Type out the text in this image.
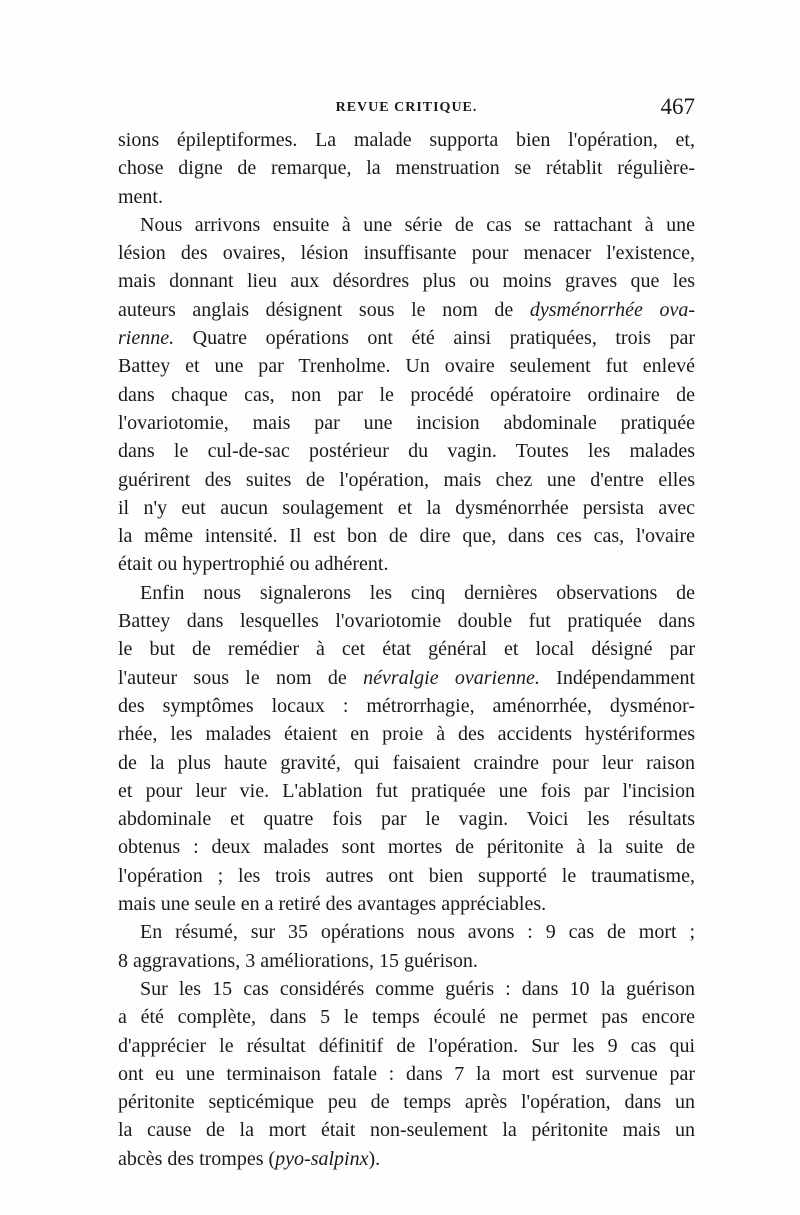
REVUE CRITIQUE.	467
sions épileptiformes. La malade supporta bien l'opération, et,
chose digne de remarque, la menstruation se rétablit régulière-
ment.
Nous arrivons ensuite à une série de cas se rattachant à une
lésion des ovaires, lésion insuffisante pour menacer l'existence,
mais donnant lieu aux désordres plus ou moins graves que les
auteurs anglais désignent sous le nom de dysménorrhée ova-
rienne. Quatre opérations ont été ainsi pratiquées, trois par
Battey et une par Trenholme. Un ovaire seulement fut enlevé
dans chaque cas, non par le procédé opératoire ordinaire de
l'ovariotomie, mais par une incision abdominale pratiquée
dans le cul-de-sac postérieur du vagin. Toutes les malades
guérirent des suites de l'opération, mais chez une d'entre elles
il n'y eut aucun soulagement et la dysménorrhée persista avec
la même intensité. Il est bon de dire que, dans ces cas, l'ovaire
était ou hypertrophié ou adhérent.
Enfin nous signalerons les cinq dernières observations de
Battey dans lesquelles l'ovariotomie double fut pratiquée dans
le but de remédier à cet état général et local désigné par
l'auteur sous le nom de névralgie ovarienne. Indépendamment
des symptômes locaux : métrorrhagie, aménorrhée, dysménor-
rhée, les malades étaient en proie à des accidents hystériformes
de la plus haute gravité, qui faisaient craindre pour leur raison
et pour leur vie. L'ablation fut pratiquée une fois par l'incision
abdominale et quatre fois par le vagin. Voici les résultats
obtenus : deux malades sont mortes de péritonite à la suite de
l'opération ; les trois autres ont bien supporté le traumatisme,
mais une seule en a retiré des avantages appréciables.
En résumé, sur 35 opérations nous avons : 9 cas de mort ;
8 aggravations, 3 améliorations, 15 guérison.
Sur les 15 cas considérés comme guéris : dans 10 la guérison
a été complète, dans 5 le temps écoulé ne permet pas encore
d'apprécier le résultat définitif de l'opération. Sur les 9 cas qui
ont eu une terminaison fatale : dans 7 la mort est survenue par
péritonite septicémique peu de temps après l'opération, dans un
la cause de la mort était non-seulement la péritonite mais un
abcès des trompes (pyo-salpinx).
